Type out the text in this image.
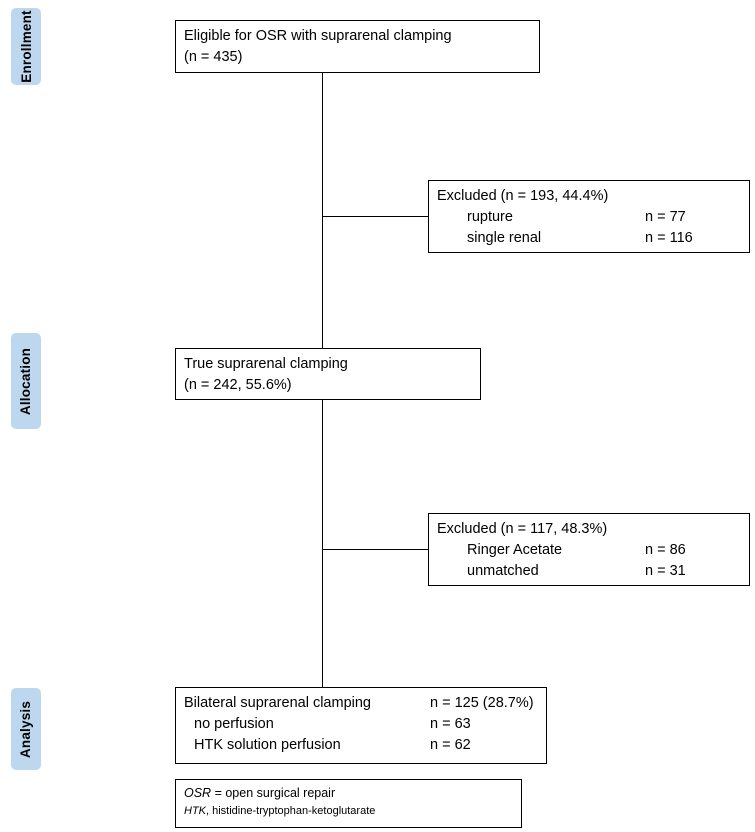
Enrollment
Allocation
Analysis
Eligible for OSR with suprarenal clamping
(n = 435)
Excluded (n = 193, 44.4%)
rupture	n = 77
single renal	n = 116
True suprarenal clamping
(n = 242, 55.6%)
Excluded (n = 117, 48.3%)
Ringer Acetate	n = 86
unmatched	n = 31
Bilateral suprarenal clamping	n = 125 (28.7%)
no perfusion	n = 63
HTK solution perfusion	n = 62
OSR = open surgical repair
HTK, histidine-tryptophan-ketoglutarate
